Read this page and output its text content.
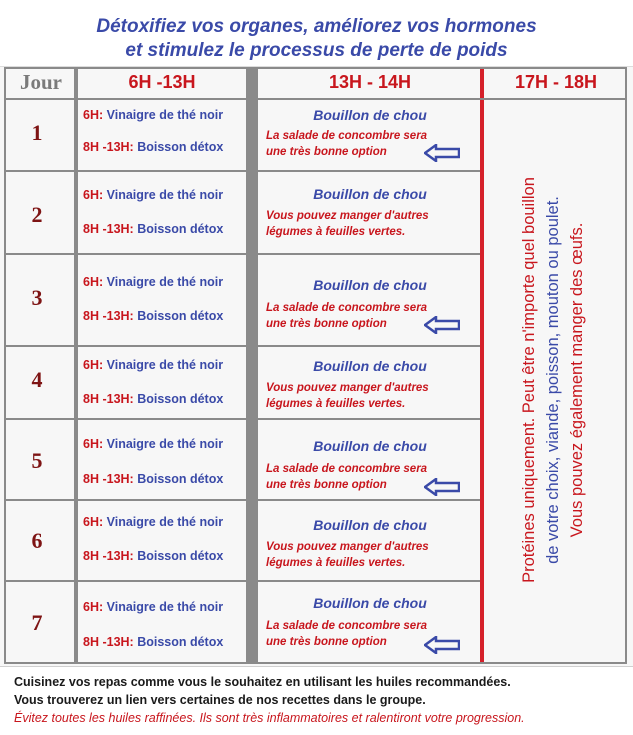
Détoxifiez vos organes, améliorez vos hormones
et stimulez le processus de perte de poids
Jour	6H -13H	13H - 14H	17H - 18H
1
6H: Vinaigre de thé noir
8H -13H: Boisson détox
Bouillon de chou
La salade de concombre sera
une très bonne option
2
6H: Vinaigre de thé noir
8H -13H: Boisson détox
Bouillon de chou
Vous pouvez manger d'autres
légumes à feuilles vertes.
3
6H: Vinaigre de thé noir
8H -13H: Boisson détox
Bouillon de chou
La salade de concombre sera
une très bonne option
4
6H: Vinaigre de thé noir
8H -13H: Boisson détox
Bouillon de chou
Vous pouvez manger d'autres
légumes à feuilles vertes.
5
6H: Vinaigre de thé noir
8H -13H: Boisson détox
Bouillon de chou
La salade de concombre sera
une très bonne option
6
6H: Vinaigre de thé noir
8H -13H: Boisson détox
Bouillon de chou
Vous pouvez manger d'autres
légumes à feuilles vertes.
7
6H: Vinaigre de thé noir
8H -13H: Boisson détox
Bouillon de chou
La salade de concombre sera
une très bonne option
Protéines uniquement. Peut être n'importe quel bouillon de votre choix, viande, poisson, mouton ou poulet. Vous pouvez également manger des œufs.
Cuisinez vos repas comme vous le souhaitez en utilisant les huiles recommandées.
Vous trouverez un lien vers certaines de nos recettes dans le groupe.
Évitez toutes les huiles raffinées. Ils sont très inflammatoires et ralentiront votre progression.
